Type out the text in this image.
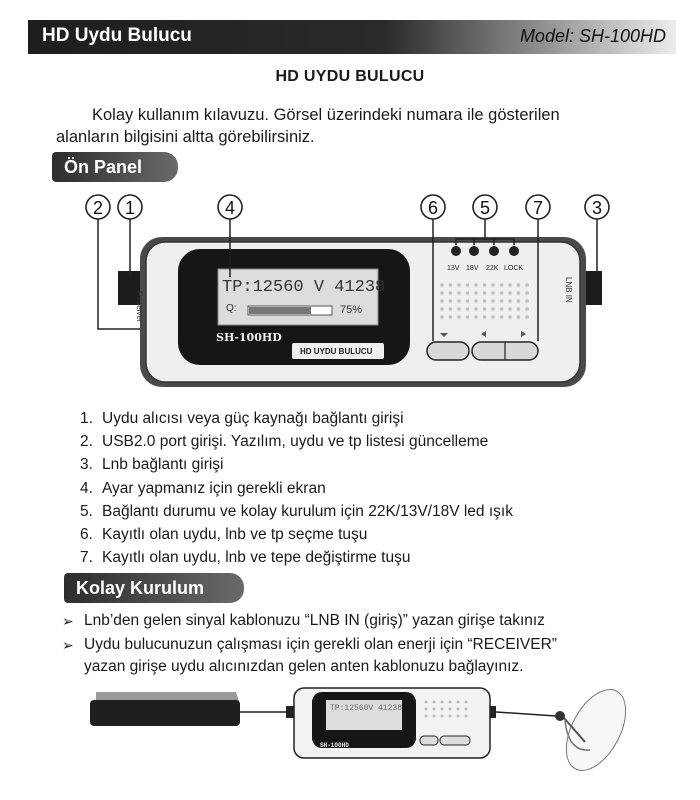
HD Uydu Bulucu	Model: SH-100HD
HD UYDU BULUCU
Kolay kullanım kılavuzu. Görsel üzerindeki numara ile gösterilen
alanların bilgisini altta görebilirsiniz.
Ön Panel
2 1	4	6 5 7	3
TP:12560 V 41238
Q:	75%
SH-100HD
HD UYDU BULUCU
13V 18V 22K LOCK
Receiver
LNB IN
1. Uydu alıcısı veya güç kaynağı bağlantı girişi
2. USB2.0 port girişi. Yazılım, uydu ve tp listesi güncelleme
3. Lnb bağlantı girişi
4. Ayar yapmanız için gerekli ekran
5. Bağlantı durumu ve kolay kurulum için 22K/13V/18V led ışık
6. Kayıtlı olan uydu, lnb ve tp seçme tuşu
7. Kayıtlı olan uydu, lnb ve tepe değiştirme tuşu
Kolay Kurulum
➢ Lnb’den gelen sinyal kablonuzu “LNB IN (giriş)” yazan girişe takınız
➢ Uydu bulucunuzun çalışması için gerekli olan enerji için “RECEIVER”
yazan girişe uydu alıcınızdan gelen anten kablonuzu bağlayınız.
TP:12560V 41238
SH-100HD
